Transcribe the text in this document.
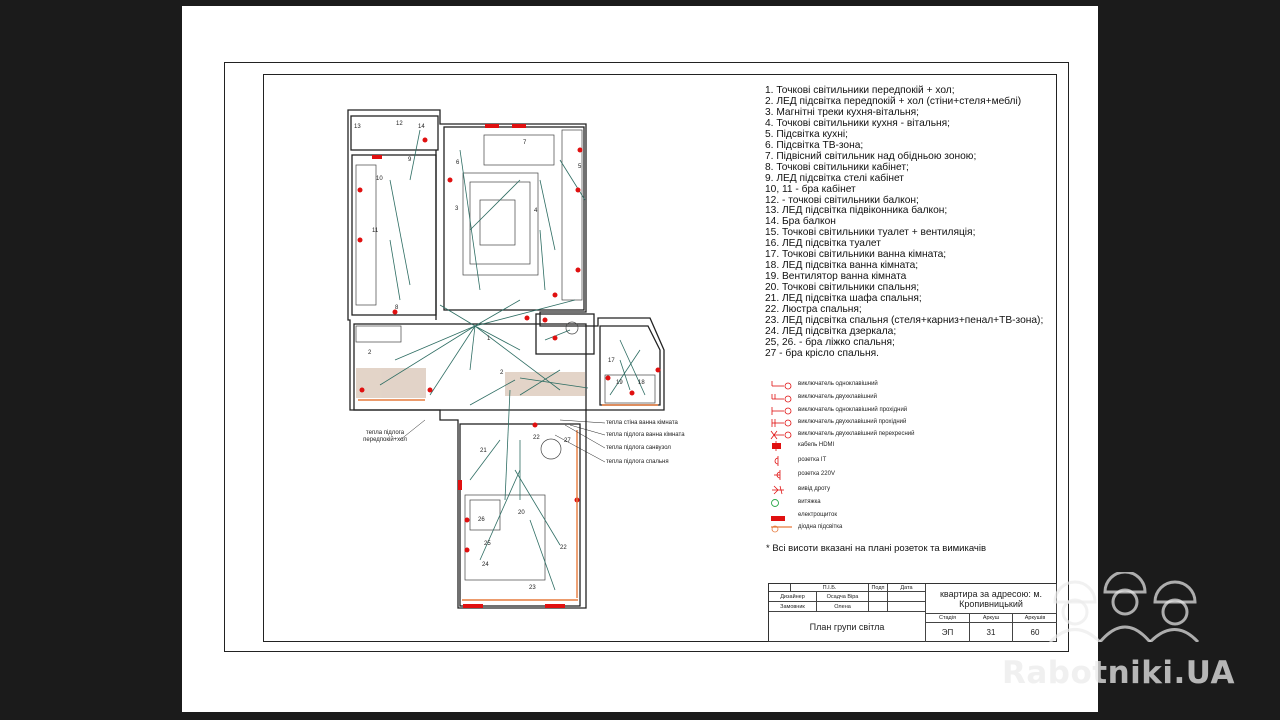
13	12	14
9
10
11
8
2
6
7
3	4
5
1
2
17
19	18
22	27
21
20
26
25
24
23
22
тепла підлога передпокій+хол
тепла стіна ванна кімната
тепла підлога ванна кімната
тепла підлога санвузол
тепла підлога спальня
1. Точкові світильники передпокій + хол;
2. ЛЕД підсвітка передпокій + хол (стіни+стеля+меблі)
3. Магнітні треки кухня-вітальня;
4. Точкові світильники кухня - вітальня;
5. Підсвітка кухні;
6. Підсвітка ТВ-зона;
7. Підвісний світильник над обідньою зоною;
8. Точкові світильники кабінет;
9. ЛЕД підсвітка стелі кабінет
10, 11 - бра кабінет
12. - точкові світильники балкон;
13. ЛЕД підсвітка підвіконника балкон;
14. Бра балкон
15. Точкові світильники туалет + вентиляція;
16. ЛЕД підсвітка туалет
17. Точкові світильники ванна кімната;
18. ЛЕД підсвітка ванна кімната;
19. Вентилятор ванна кімната
20. Точкові світильники спальня;
21. ЛЕД підсвітка шафа спальня;
22. Люстра спальня;
23. ЛЕД підсвітка спальня (стеля+карниз+пенал+ТВ-зона);
24. ЛЕД підсвітка дзеркала;
25, 26. - бра ліжко спальня;
27 - бра крісло спальня.
виключатель одноклавішний
виключатель двухклавішний
виключатель одноклавішний прохідний
виключатель двухклавішний прохідний
виключатель двухклавішний перехресний
кабель HDMI
розетка IT
розетка 220V
вивід дроту
витяжка
електрощиток
діодна підсвітка
* Всі висоти вказані на плані розеток та вимикачів
П.І.Б.	Подп	Дата
Дизайнер	Осадча Віра
Замовник	Олена
квартира за адресою: м. Кропивницький
План групи світла
Стадія	Аркуш	Аркушів
ЭП	31	60
Rabotniki.UA
